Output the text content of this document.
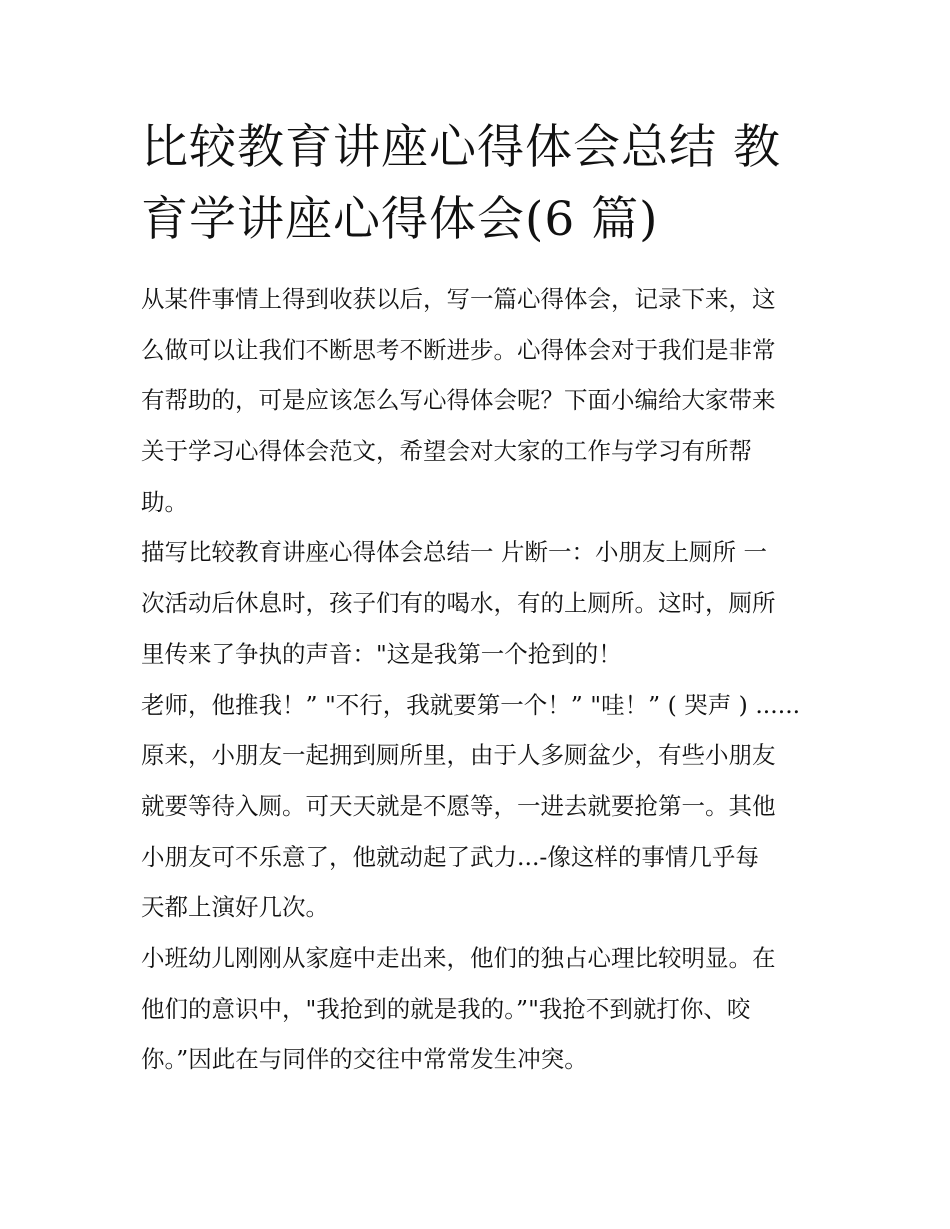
比较教育讲座心得体会总结 教
育学讲座心得体会(6 篇)
从某件事情上得到收获以后，写一篇心得体会，记录下来，这
么做可以让我们不断思考不断进步。心得体会对于我们是非常
有帮助的，可是应该怎么写心得体会呢？下面小编给大家带来
关于学习心得体会范文，希望会对大家的工作与学习有所帮
助。
描写比较教育讲座心得体会总结一 片断一：小朋友上厕所 一
次活动后休息时，孩子们有的喝水，有的上厕所。这时，厕所
里传来了争执的声音："这是我第一个抢到的！
老师，他推我！” "不行，我就要第一个！” "哇！” ( 哭声 ) ......
原来，小朋友一起拥到厕所里，由于人多厕盆少，有些小朋友
就要等待入厕。可天天就是不愿等，一进去就要抢第一。其他
小朋友可不乐意了，他就动起了武力...-像这样的事情几乎每
天都上演好几次。
小班幼儿刚刚从家庭中走出来，他们的独占心理比较明显。在
他们的意识中，"我抢到的就是我的。”"我抢不到就打你、咬
你。”因此在与同伴的交往中常常发生冲突。
